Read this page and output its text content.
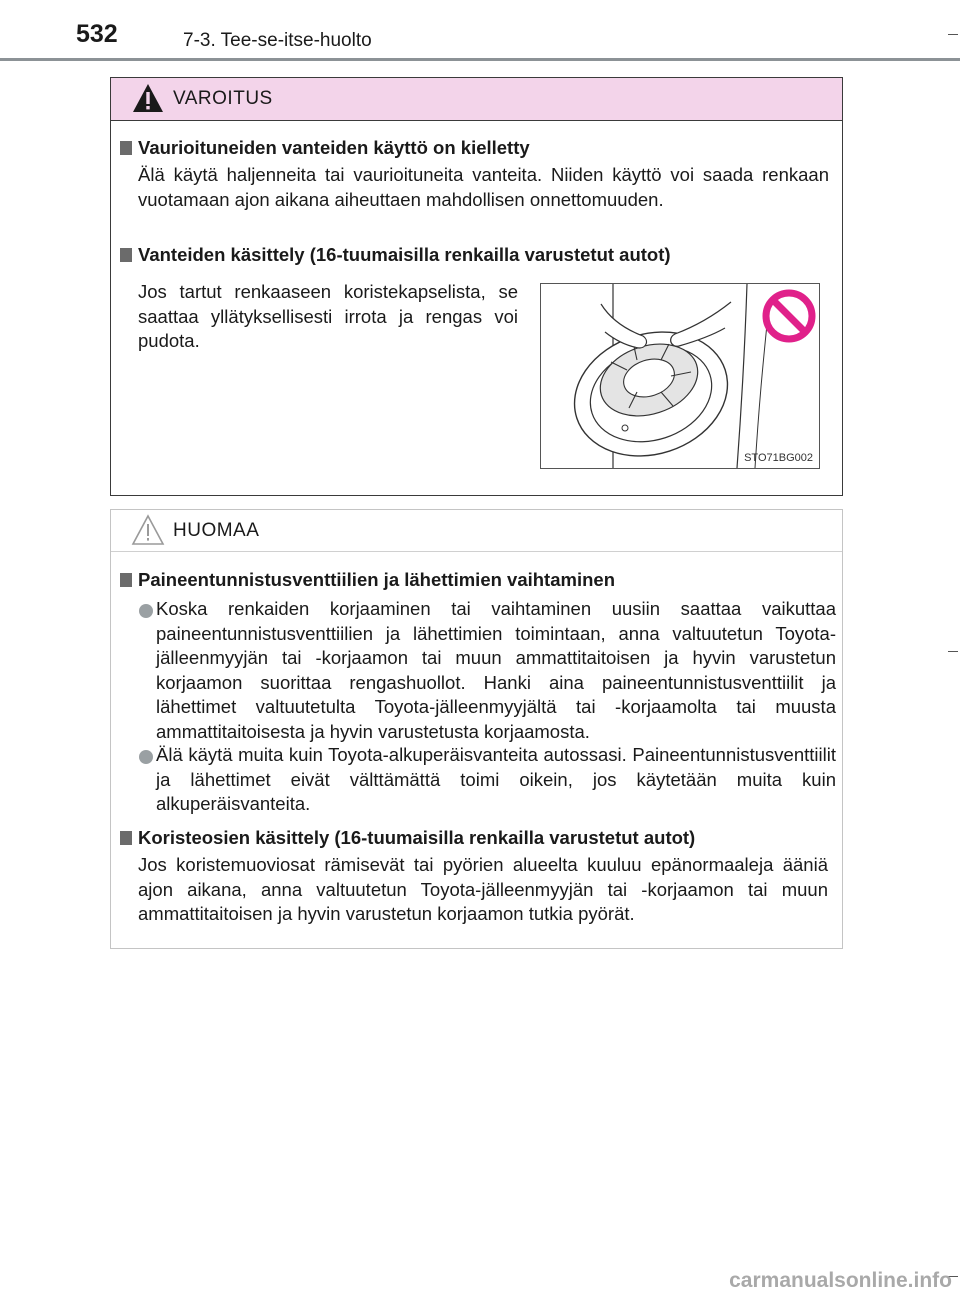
532	7-3. Tee-se-itse-huolto
VAROITUS
Vaurioituneiden vanteiden käyttö on kielletty
Älä käytä haljenneita tai vaurioituneita vanteita. Niiden käyttö voi saada renkaan vuotamaan ajon aikana aiheuttaen mahdollisen onnettomuuden.
Vanteiden käsittely (16-tuumaisilla renkailla varustetut autot)
Jos tartut renkaaseen koristekapselista, se saattaa yllätyksellisesti irrota ja rengas voi pudota.
STO71BG002
HUOMAA
Paineentunnistusventtiilien ja lähettimien vaihtaminen
Koska renkaiden korjaaminen tai vaihtaminen uusiin saattaa vaikuttaa paineentunnistusventtiilien ja lähettimien toimintaan, anna valtuutetun Toyota-jälleenmyyjän tai -korjaamon tai muun ammattitaitoisen ja hyvin varustetun korjaamon suorittaa rengashuollot. Hanki aina paineentunnistusventtiilit ja lähettimet valtuutetulta Toyota-jälleenmyyjältä tai -korjaamolta tai muusta ammattitaitoisesta ja hyvin varustetusta korjaamosta.
Älä käytä muita kuin Toyota-alkuperäisvanteita autossasi. Paineentunnistusventtiilit ja lähettimet eivät välttämättä toimi oikein, jos käytetään muita kuin alkuperäisvanteita.
Koristeosien käsittely (16-tuumaisilla renkailla varustetut autot)
Jos koristemuoviosat rämisevät tai pyörien alueelta kuuluu epänormaaleja ääniä ajon aikana, anna valtuutetun Toyota-jälleenmyyjän tai -korjaamon tai muun ammattitaitoisen ja hyvin varustetun korjaamon tutkia pyörät.
carmanualsonline.info
